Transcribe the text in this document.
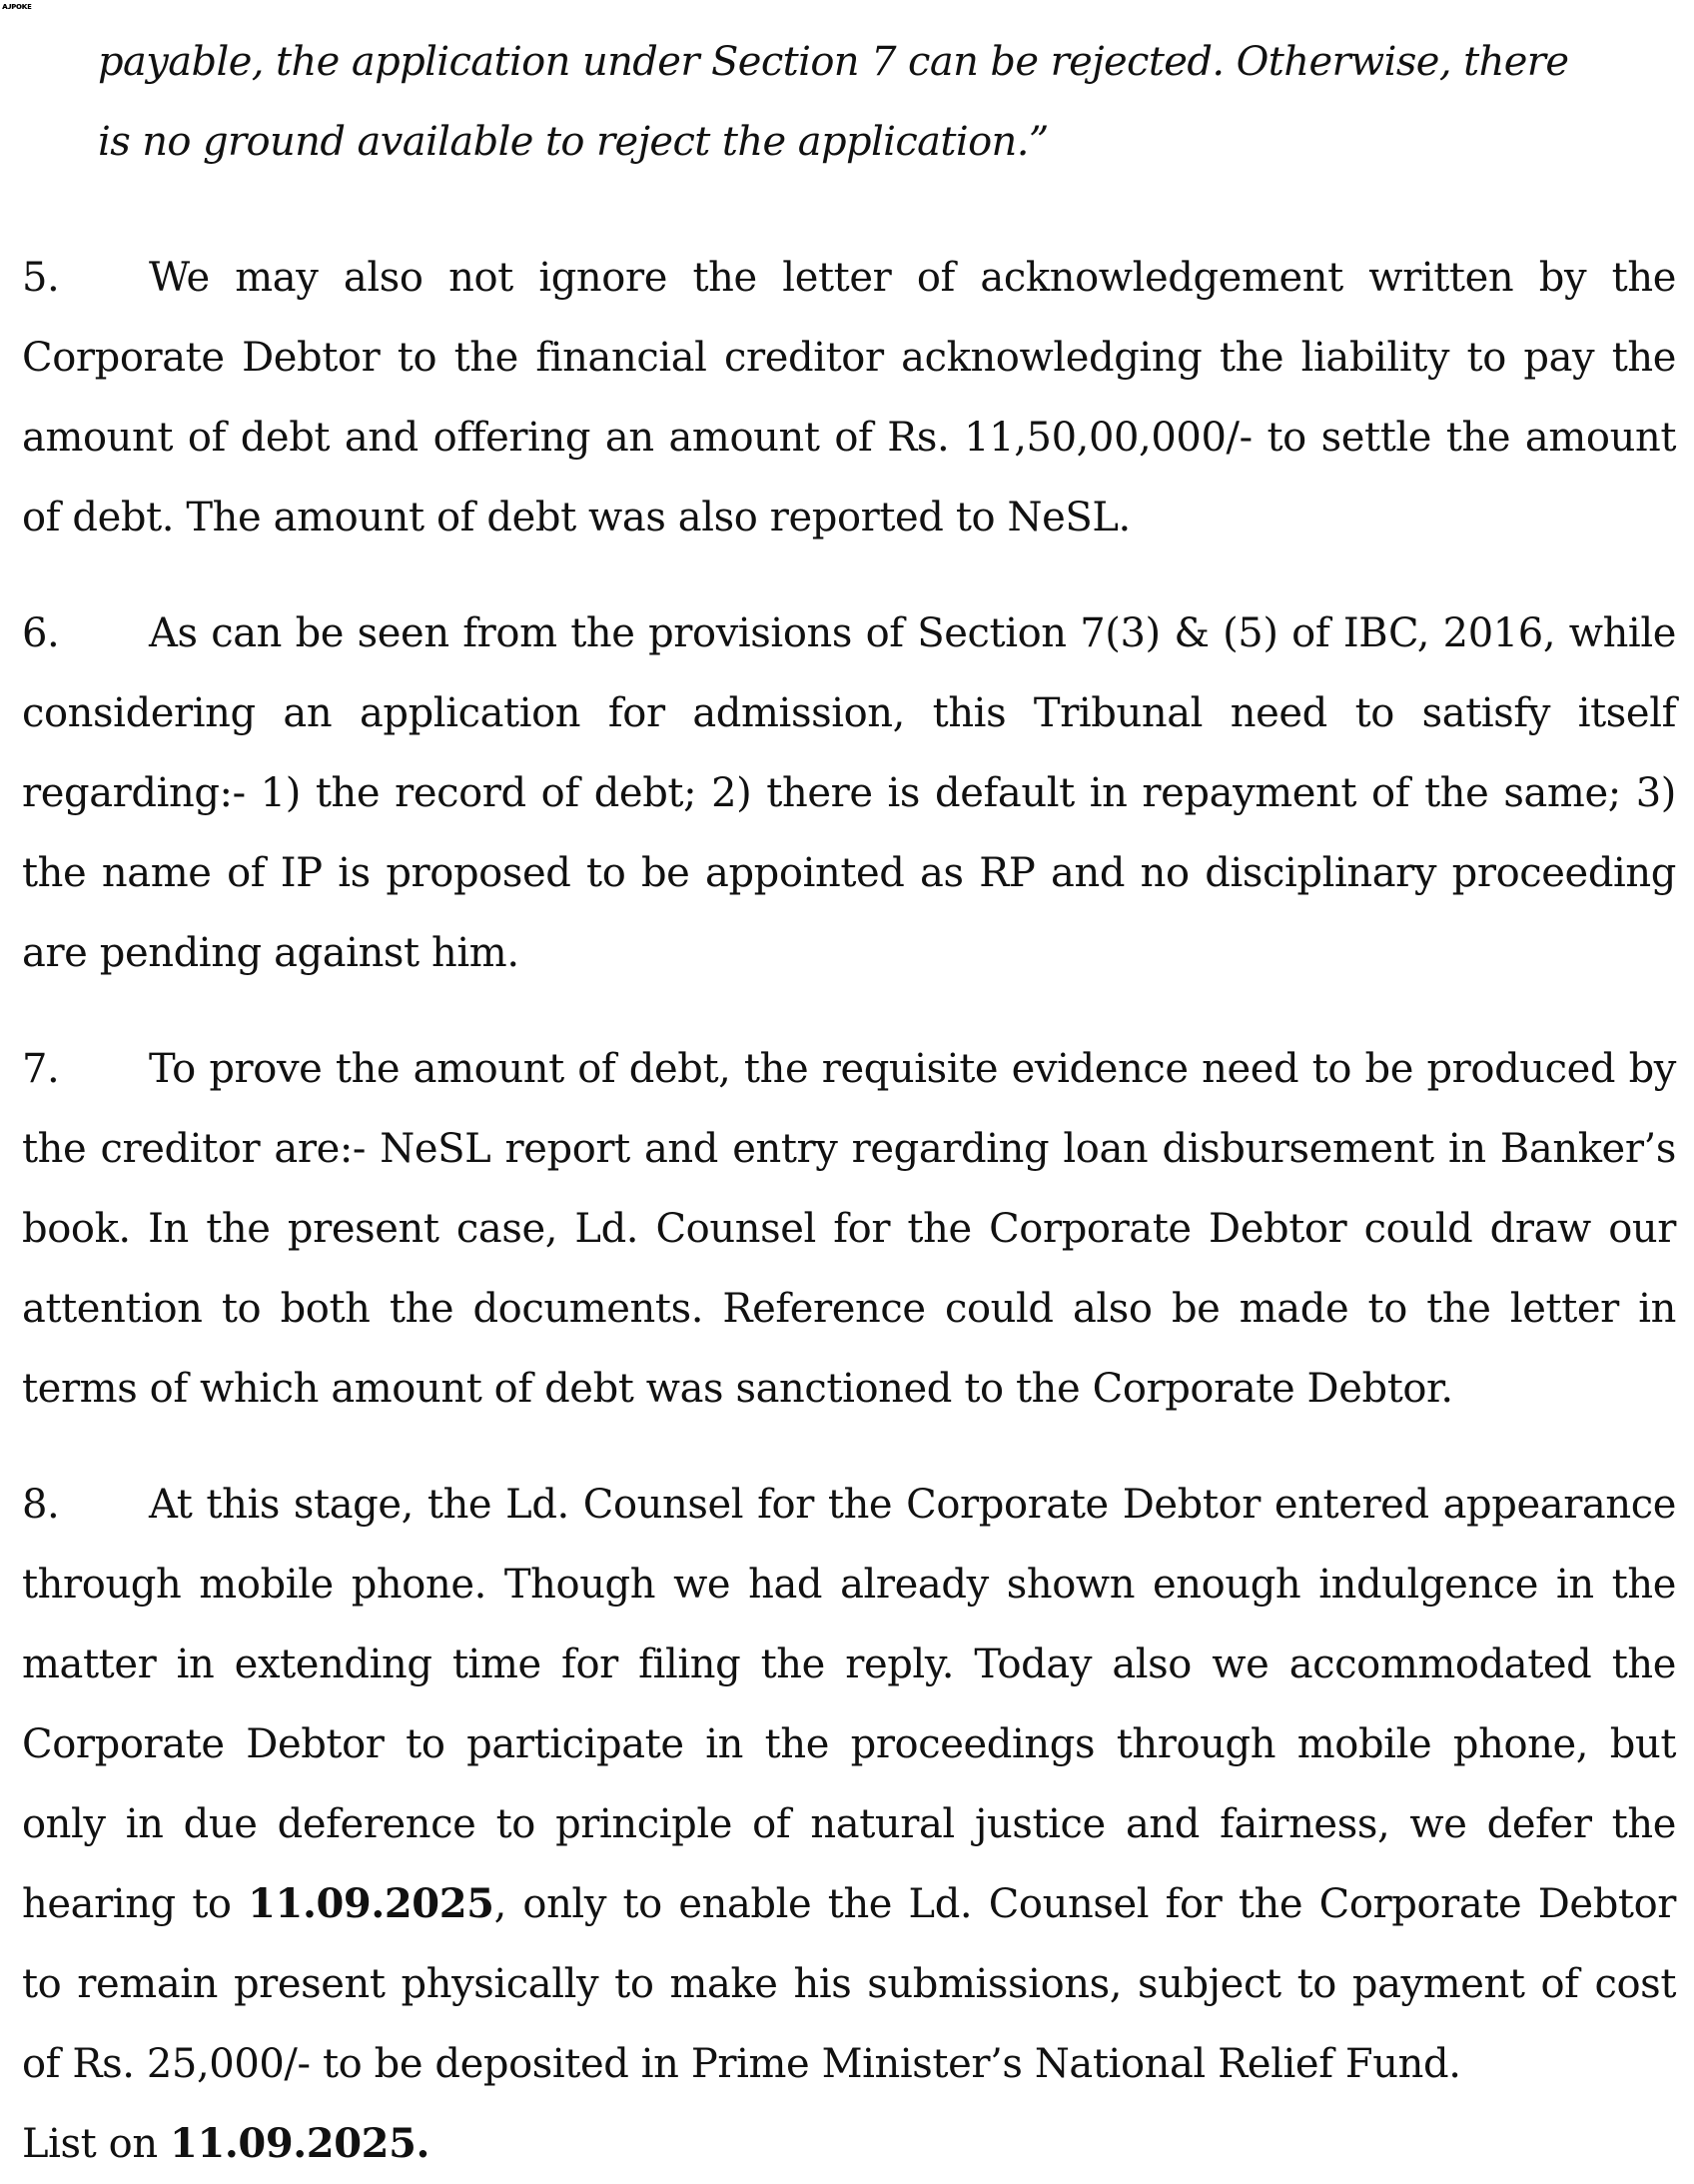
ᴀᴊᴘᴏᴋᴇ
payable, the application under Section 7 can be rejected. Otherwise, there
is no ground available to reject the application.”

5. We may also not ignore the letter of acknowledgement written by the Corporate Debtor to the financial creditor acknowledging the liability to pay the amount of debt and offering an amount of Rs. 11,50,00,000/- to settle the amount of debt. The amount of debt was also reported to NeSL.

6. As can be seen from the provisions of Section 7(3) & (5) of IBC, 2016, while considering an application for admission, this Tribunal need to satisfy itself regarding:- 1) the record of debt; 2) there is default in repayment of the same; 3) the name of IP is proposed to be appointed as RP and no disciplinary proceeding are pending against him.

7. To prove the amount of debt, the requisite evidence need to be produced by the creditor are:- NeSL report and entry regarding loan disbursement in Banker’s book. In the present case, Ld. Counsel for the Corporate Debtor could draw our attention to both the documents. Reference could also be made to the letter in terms of which amount of debt was sanctioned to the Corporate Debtor.

8. At this stage, the Ld. Counsel for the Corporate Debtor entered appearance through mobile phone. Though we had already shown enough indulgence in the matter in extending time for filing the reply. Today also we accommodated the Corporate Debtor to participate in the proceedings through mobile phone, but only in due deference to principle of natural justice and fairness, we defer the hearing to 11.09.2025, only to enable the Ld. Counsel for the Corporate Debtor to remain present physically to make his submissions, subject to payment of cost of Rs. 25,000/- to be deposited in Prime Minister’s National Relief Fund.

List on 11.09.2025.
